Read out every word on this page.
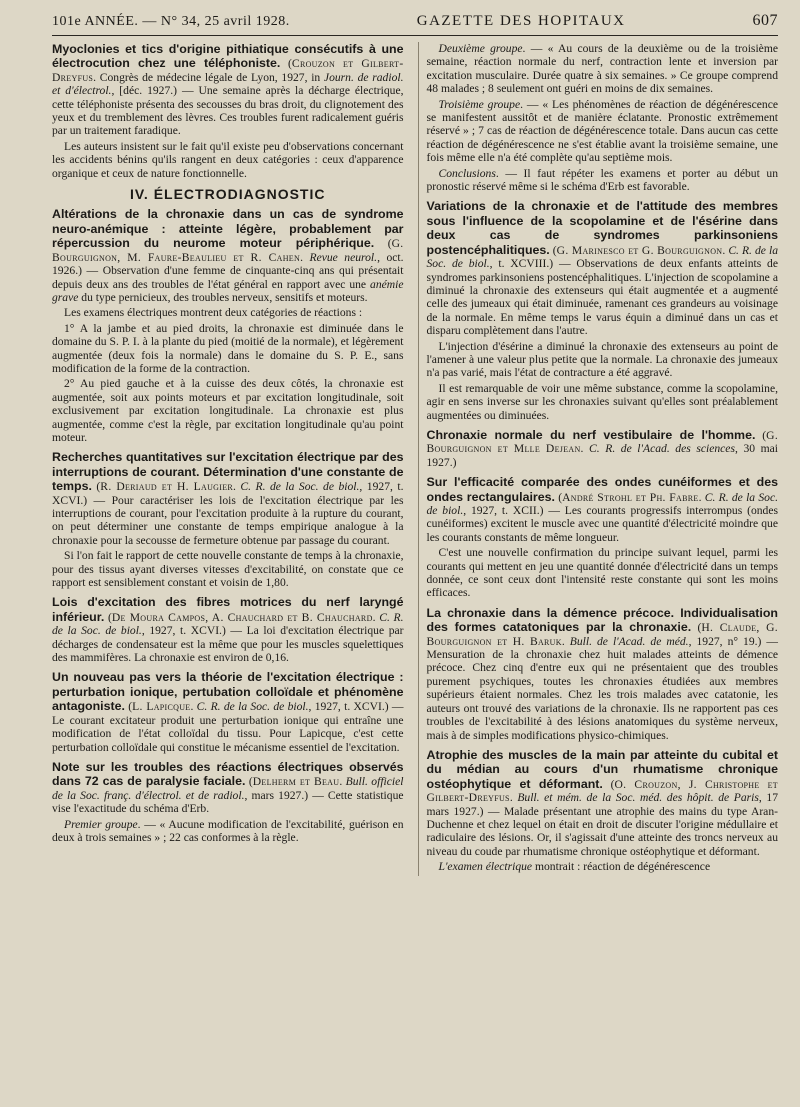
101e ANNÉE. — N° 34, 25 avril 1928.	GAZETTE DES HOPITAUX	607

Myoclonies et tics d'origine pithiatique consécutifs à une électrocution chez une téléphoniste. (Crouzon et Gilbert-Dreyfus. Congrès de médecine légale de Lyon, 1927, in Journ. de radiol. et d'électrol., [déc. 1927.) — Une semaine après la décharge électrique, cette téléphoniste présenta des secousses du bras droit, du clignotement des yeux et du tremblement des lèvres. Ces troubles furent radicalement guéris par un traitement faradique.

Les auteurs insistent sur le fait qu'il existe peu d'observations concernant les accidents bénins qu'ils rangent en deux catégories : ceux d'apparence organique et ceux de nature fonctionnelle.

IV. ÉLECTRODIAGNOSTIC

Altérations de la chronaxie dans un cas de syndrome neuro-anémique : atteinte légère, probablement par répercussion du neurome moteur périphérique. (G. Bourguignon, M. Faure-Beaulieu et R. Cahen. Revue neurol., oct. 1926.) — Observation d'une femme de cinquante-cinq ans qui présentait depuis deux ans des troubles de l'état général en rapport avec une anémie grave du type pernicieux, des troubles nerveux, sensitifs et moteurs.

Les examens électriques montrent deux catégories de réactions :

1° A la jambe et au pied droits, la chronaxie est diminuée dans le domaine du S. P. I. à la plante du pied (moitié de la normale), et légèrement augmentée (deux fois la normale) dans le domaine du S. P. E., sans modification de la forme de la contraction.

2° Au pied gauche et à la cuisse des deux côtés, la chronaxie est augmentée, soit aux points moteurs et par excitation longitudinale, soit exclusivement par excitation longitudinale. La chronaxie est plus augmentée, comme c'est la règle, par excitation longitudinale qu'au point moteur.

Recherches quantitatives sur l'excitation électrique par des interruptions de courant. Détermination d'une constante de temps. (R. Deriaud et H. Laugier. C. R. de la Soc. de biol., 1927, t. XCVI.) — Pour caractériser les lois de l'excitation électrique par les interruptions de courant, pour l'excitation produite à la rupture du courant, on peut déterminer une constante de temps empirique analogue à la chronaxie pour la secousse de fermeture obtenue par passage du courant.

Si l'on fait le rapport de cette nouvelle constante de temps à la chronaxie, pour des tissus ayant diverses vitesses d'excitabilité, on constate que ce rapport est sensiblement constant et voisin de 1,80.

Lois d'excitation des fibres motrices du nerf laryngé inférieur. (De Moura Campos, A. Chauchard et B. Chauchard. C. R. de la Soc. de biol., 1927, t. XCVI.) — La loi d'excitation électrique par décharges de condensateur est la même que pour les muscles squelettiques des mammifères. La chronaxie est environ de 0,16.

Un nouveau pas vers la théorie de l'excitation électrique : perturbation ionique, pertubation colloïdale et phénomène antagoniste. (L. Lapicque. C. R. de la Soc. de biol., 1927, t. XCVI.) — Le courant excitateur produit une perturbation ionique qui entraîne une modification de l'état colloïdal du tissu. Pour Lapicque, c'est cette perturbation colloïdale qui constitue le mécanisme essentiel de l'excitation.

Note sur les troubles des réactions électriques observés dans 72 cas de paralysie faciale. (Delherm et Beau. Bull. officiel de la Soc. franç. d'électrol. et de radiol., mars 1927.) — Cette statistique vise l'exactitude du schéma d'Erb.

Premier groupe. — « Aucune modification de l'excitabilité, guérison en deux à trois semaines » ; 22 cas conformes à la règle.

Deuxième groupe. — « Au cours de la deuxième ou de la troisième semaine, réaction normale du nerf, contraction lente et inversion par excitation musculaire. Durée quatre à six semaines. » Ce groupe comprend 48 malades ; 8 seulement ont guéri en moins de dix semaines.

Troisième groupe. — « Les phénomènes de réaction de dégénérescence se manifestent aussitôt et de manière éclatante. Pronostic extrêmement réservé » ; 7 cas de réaction de dégénérescence totale. Dans aucun cas cette réaction de dégénérescence ne s'est établie avant la troisième semaine, une fois même elle n'a été complète qu'au septième mois.

Conclusions. — Il faut répéter les examens et porter au début un pronostic réservé même si le schéma d'Erb est favorable.

Variations de la chronaxie et de l'attitude des membres sous l'influence de la scopolamine et de l'ésérine dans deux cas de syndromes parkinsoniens postencéphalitiques. (G. Marinesco et G. Bourguignon. C. R. de la Soc. de biol., t. XCVIII.) — Observations de deux enfants atteints de syndromes parkinsoniens postencéphalitiques. L'injection de scopolamine a diminué la chronaxie des extenseurs qui était augmentée et a augmenté celle des jumeaux qui était diminuée, ramenant ces grandeurs au voisinage de la normale. En même temps le varus équin a diminué dans un cas et disparu complètement dans l'autre.

L'injection d'ésérine a diminué la chronaxie des extenseurs au point de l'amener à une valeur plus petite que la normale. La chronaxie des jumeaux n'a pas varié, mais l'état de contracture a été aggravé.

Il est remarquable de voir une même substance, comme la scopolamine, agir en sens inverse sur les chronaxies suivant qu'elles sont préalablement augmentées ou diminuées.

Chronaxie normale du nerf vestibulaire de l'homme. (G. Bourguignon et Mlle Dejean. C. R. de l'Acad. des sciences, 30 mai 1927.)

Sur l'efficacité comparée des ondes cunéiformes et des ondes rectangulaires. (André Strohl et Ph. Fabre. C. R. de la Soc. de biol., 1927, t. XCII.) — Les courants progressifs interrompus (ondes cunéiformes) excitent le muscle avec une quantité d'électricité moindre que les courants constants de même longueur.

C'est une nouvelle confirmation du principe suivant lequel, parmi les courants qui mettent en jeu une quantité donnée d'électricité dans un temps donnée, ce sont ceux dont l'intensité reste constante qui sont les moins efficaces.

La chronaxie dans la démence précoce. Individualisation des formes catatoniques par la chronaxie. (H. Claude, G. Bourguignon et H. Baruk. Bull. de l'Acad. de méd., 1927, n° 19.) — Mensuration de la chronaxie chez huit malades atteints de démence précoce. Chez cinq d'entre eux qui ne présentaient que des troubles purement psychiques, toutes les chronaxies étudiées aux membres supérieurs étaient normales. Chez les trois malades avec catatonie, les auteurs ont trouvé des variations de la chronaxie. Ils ne rapportent pas ces troubles de l'excitabilité à des lésions anatomiques du système nerveux, mais à de simples modifications physico-chimiques.

Atrophie des muscles de la main par atteinte du cubital et du médian au cours d'un rhumatisme chronique ostéophytique et déformant. (O. Crouzon, J. Christophe et Gilbert-Dreyfus. Bull. et mém. de la Soc. méd. des hôpit. de Paris, 17 mars 1927.) — Malade présentant une atrophie des mains du type Aran-Duchenne et chez lequel on était en droit de discuter l'origine médullaire et radiculaire des lésions. Or, il s'agissait d'une atteinte des troncs nerveux au niveau du coude par rhumatisme chronique ostéophytique et déformant.

L'examen électrique montrait : réaction de dégénérescence
